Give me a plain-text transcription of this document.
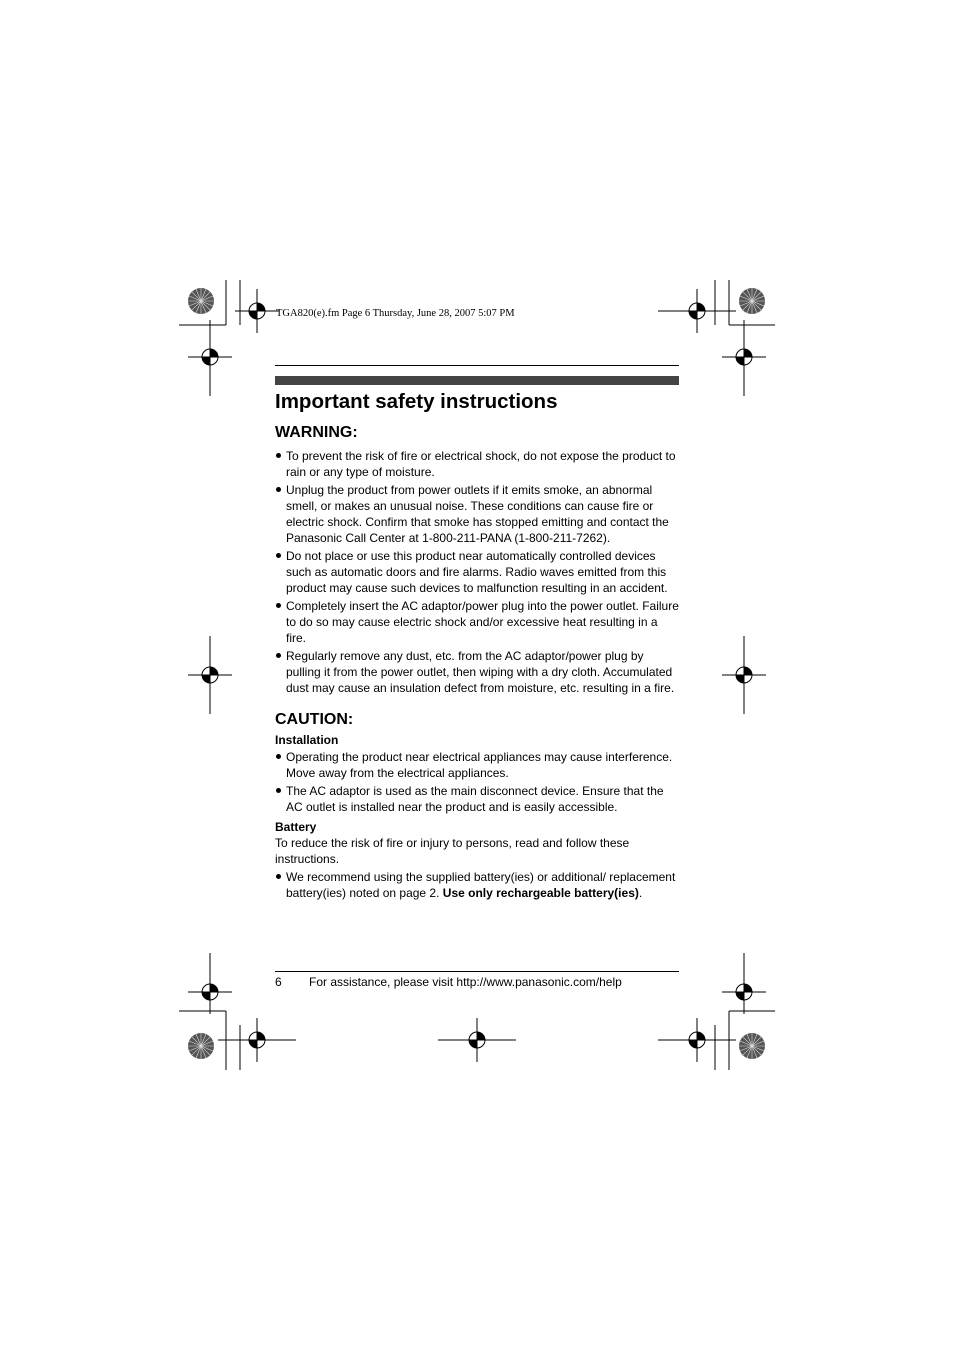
TGA820(e).fm Page 6 Thursday, June 28, 2007 5:07 PM
Important safety instructions
WARNING:
To prevent the risk of fire or electrical shock, do not expose the product to rain or any type of moisture.
Unplug the product from power outlets if it emits smoke, an abnormal smell, or makes an unusual noise. These conditions can cause fire or electric shock. Confirm that smoke has stopped emitting and contact the Panasonic Call Center at 1-800-211-PANA (1-800-211-7262).
Do not place or use this product near automatically controlled devices such as automatic doors and fire alarms. Radio waves emitted from this product may cause such devices to malfunction resulting in an accident.
Completely insert the AC adaptor/power plug into the power outlet. Failure to do so may cause electric shock and/or excessive heat resulting in a fire.
Regularly remove any dust, etc. from the AC adaptor/power plug by pulling it from the power outlet, then wiping with a dry cloth. Accumulated dust may cause an insulation defect from moisture, etc. resulting in a fire.
CAUTION:
Installation
Operating the product near electrical appliances may cause interference. Move away from the electrical appliances.
The AC adaptor is used as the main disconnect device. Ensure that the AC outlet is installed near the product and is easily accessible.
Battery

To reduce the risk of fire or injury to persons, read and follow these instructions.

We recommend using the supplied battery(ies) or additional/ replacement battery(ies) noted on page 2. Use only rechargeable battery(ies).
6 For assistance, please visit http://www.panasonic.com/help
